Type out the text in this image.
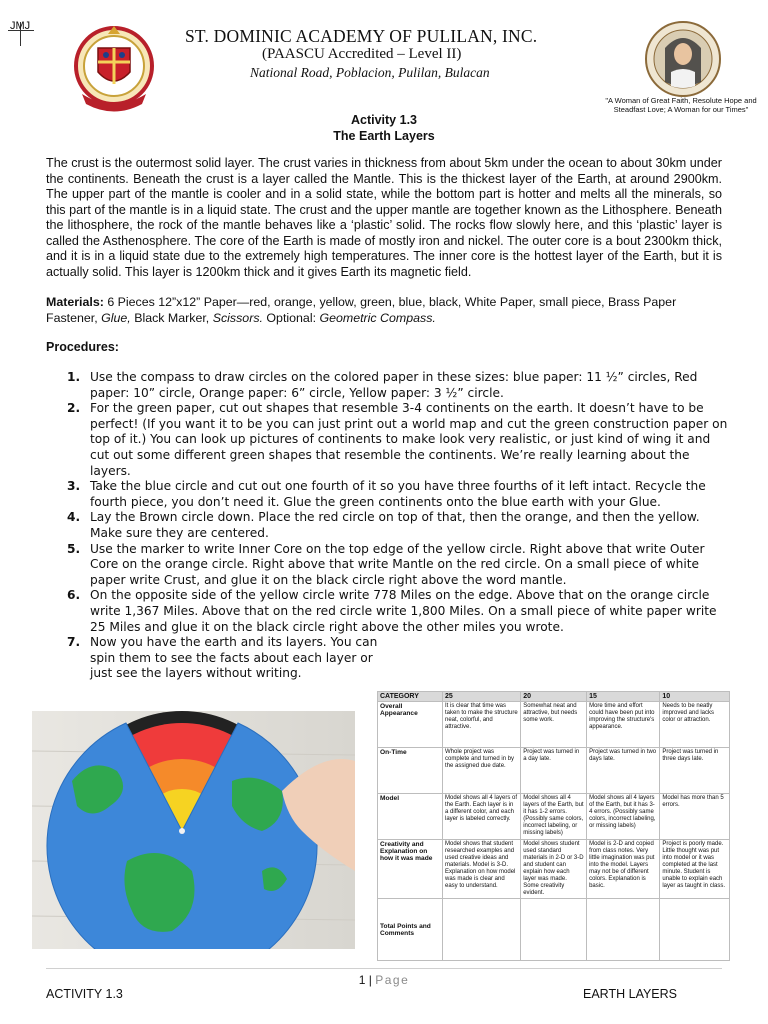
JMJ	ST. DOMINIC ACADEMY OF PULILAN, INC.
(PAASCU Accredited – Level II)
National Road, Poblacion, Pulilan, Bulacan
"A Woman of Great Faith, Resolute Hope and Steadfast Love; A Woman for our Times"
Activity 1.3
The Earth Layers
The crust is the outermost solid layer. The crust varies in thickness from about 5km under the ocean to about 30km under the continents. Beneath the crust is a layer called the Mantle. This is the thickest layer of the Earth, at around 2900km. The upper part of the mantle is cooler and in a solid state, while the bottom part is hotter and melts all the minerals, so this part of the mantle is in a liquid state. The crust and the upper mantle are together known as the Lithosphere. Beneath the lithosphere, the rock of the mantle behaves like a ‘plastic’ solid. The rocks flow slowly here, and this ‘plastic’ layer is called the Asthenosphere. The core of the Earth is made of mostly iron and nickel. The outer core is a bout 2300km thick, and it is in a liquid state due to the extremely high temperatures. The inner core is the hottest layer of the Earth, but it is actually solid. This layer is 1200km thick and it gives Earth its magnetic field.
Materials: 6 Pieces 12”x12” Paper—red, orange, yellow, green, blue, black, White Paper, small piece, Brass Paper Fastener, Glue, Black Marker, Scissors. Optional: Geometric Compass.
Procedures:
1. Use the compass to draw circles on the colored paper in these sizes: blue paper: 11 ½” circles, Red paper: 10” circle, Orange paper: 6” circle, Yellow paper: 3 ½” circle.
2. For the green paper, cut out shapes that resemble 3-4 continents on the earth. It doesn’t have to be perfect! (If you want it to be you can just print out a world map and cut the green construction paper on top of it.) You can look up pictures of continents to make look very realistic, or just kind of wing it and cut out some different green shapes that resemble the continents. We’re really learning about the layers.
3. Take the blue circle and cut out one fourth of it so you have three fourths of it left intact. Recycle the fourth piece, you don’t need it. Glue the green continents onto the blue earth with your Glue.
4. Lay the Brown circle down. Place the red circle on top of that, then the orange, and then the yellow. Make sure they are centered.
5. Use the marker to write Inner Core on the top edge of the yellow circle. Right above that write Outer Core on the orange circle. Right above that write Mantle on the red circle. On a small piece of white paper write Crust, and glue it on the black circle right above the word mantle.
6. On the opposite side of the yellow circle write 778 Miles on the edge. Above that on the orange circle write 1,367 Miles. Above that on the red circle write 1,800 Miles. On a small piece of white paper write 25 Miles and glue it on the black circle right above the other miles you wrote.
7. Now you have the earth and its layers. You can spin them to see the facts about each layer or just see the layers without writing.
CATEGORY	25	20	15	10
Overall Appearance	It is clear that time was taken to make the structure neat, colorful, and attractive.	Somewhat neat and attractive, but needs some work.	More time and effort could have been put into improving the structure's appearance.	Needs to be neatly improved and lacks color or attraction.
On-Time	Whole project was complete and turned in by the assigned due date.	Project was turned in a day late.	Project was turned in two days late.	Project was turned in three days late.
Model	Model shows all 4 layers of the Earth. Each layer is in a different color, and each layer is labeled correctly.	Model shows all 4 layers of the Earth, but it has 1-2 errors. (Possibly same colors, incorrect labeling, or missing labels)	Model shows all 4 layers of the Earth, but it has 3-4 errors. (Possibly same colors, incorrect labeling, or missing labels)	Model has more than 5 errors.
Creativity and Explanation on how it was made	Model shows that student researched examples and used creative ideas and materials. Model is 3-D. Explanation on how model was made is clear and easy to understand.	Model shows student used standard materials in 2-D or 3-D and student can explain how each layer was made. Some creativity evident.	Model is 2-D and copied from class notes. Very little imagination was put into the model. Layers may not be of different colors. Explanation is basic.	Project is poorly made. Little thought was put into model or it was completed at the last minute. Student is unable to explain each layer as taught in class.
Total Points and Comments				
1 | Page
ACTIVITY 1.3	EARTH LAYERS
